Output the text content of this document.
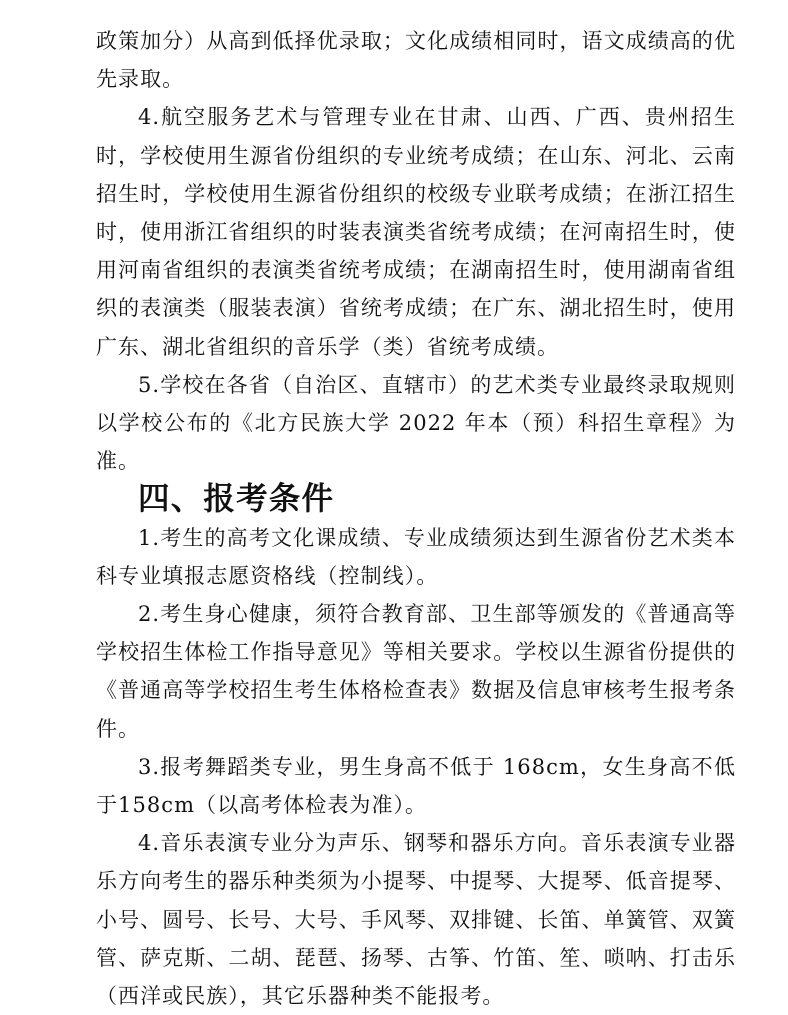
政策加分）从高到低择优录取；文化成绩相同时，语文成绩高的优先录取。

4.航空服务艺术与管理专业在甘肃、山西、广西、贵州招生时，学校使用生源省份组织的专业统考成绩；在山东、河北、云南招生时，学校使用生源省份组织的校级专业联考成绩；在浙江招生时，使用浙江省组织的时装表演类省统考成绩；在河南招生时，使用河南省组织的表演类省统考成绩；在湖南招生时，使用湖南省组织的表演类（服装表演）省统考成绩；在广东、湖北招生时，使用广东、湖北省组织的音乐学（类）省统考成绩。

5.学校在各省（自治区、直辖市）的艺术类专业最终录取规则以学校公布的《北方民族大学 2022 年本（预）科招生章程》为准。

四、报考条件

1.考生的高考文化课成绩、专业成绩须达到生源省份艺术类本科专业填报志愿资格线（控制线）。

2.考生身心健康，须符合教育部、卫生部等颁发的《普通高等学校招生体检工作指导意见》等相关要求。学校以生源省份提供的《普通高等学校招生考生体格检查表》数据及信息审核考生报考条件。

3.报考舞蹈类专业，男生身高不低于 168cm，女生身高不低于158cm（以高考体检表为准）。

4.音乐表演专业分为声乐、钢琴和器乐方向。音乐表演专业器乐方向考生的器乐种类须为小提琴、中提琴、大提琴、低音提琴、小号、圆号、长号、大号、手风琴、双排键、长笛、单簧管、双簧管、萨克斯、二胡、琵琶、扬琴、古筝、竹笛、笙、唢呐、打击乐（西洋或民族），其它乐器种类不能报考。
